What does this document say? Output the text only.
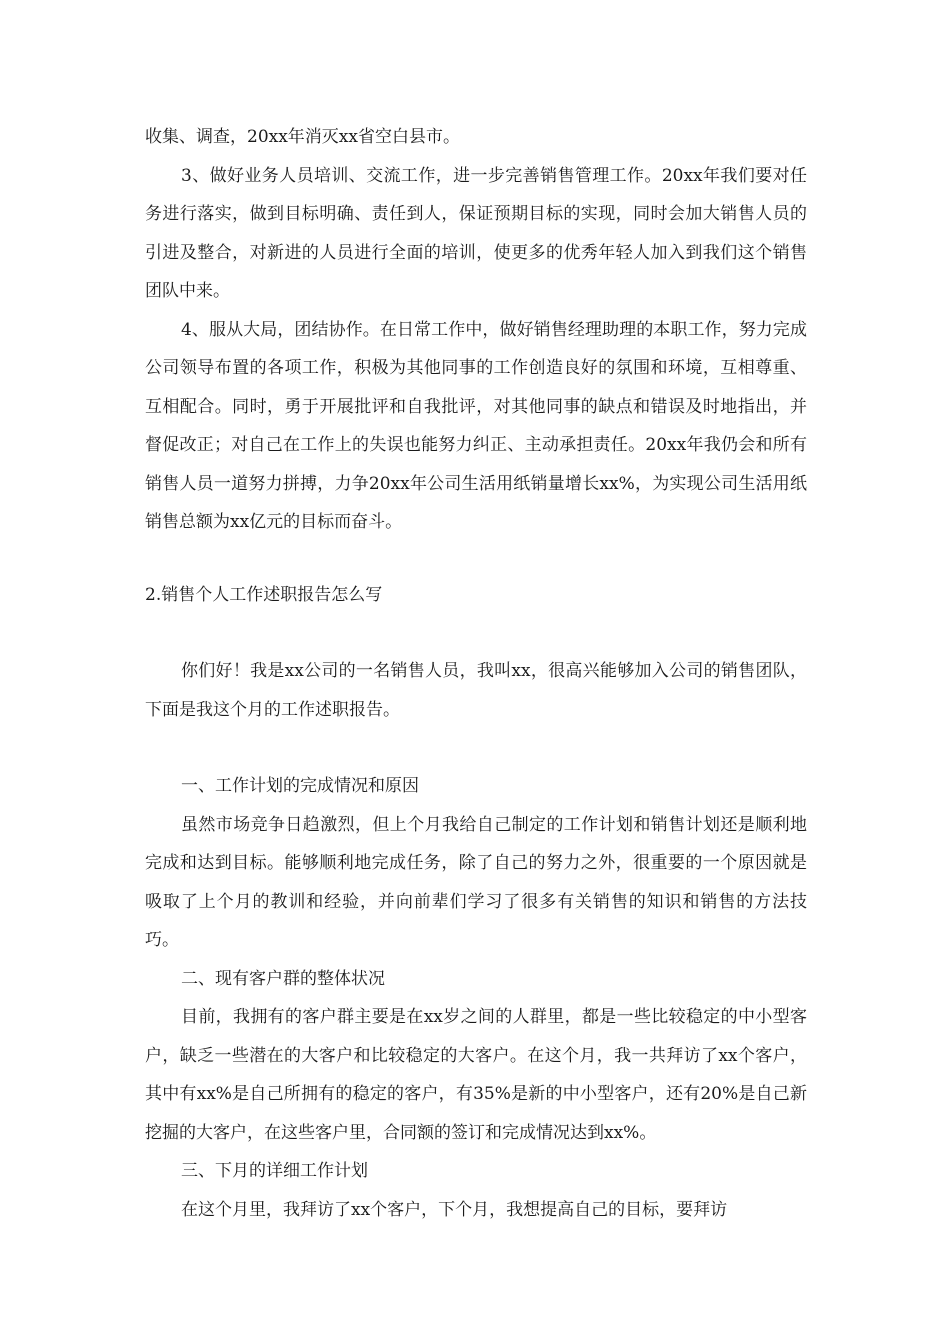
收集、调查，20xx年消灭xx省空白县市。

3、做好业务人员培训、交流工作，进一步完善销售管理工作。20xx年我们要对任务进行落实，做到目标明确、责任到人，保证预期目标的实现，同时会加大销售人员的引进及整合，对新进的人员进行全面的培训，使更多的优秀年轻人加入到我们这个销售团队中来。

4、服从大局，团结协作。在日常工作中，做好销售经理助理的本职工作，努力完成公司领导布置的各项工作，积极为其他同事的工作创造良好的氛围和环境，互相尊重、互相配合。同时，勇于开展批评和自我批评，对其他同事的缺点和错误及时地指出，并督促改正；对自己在工作上的失误也能努力纠正、主动承担责任。20xx年我仍会和所有销售人员一道努力拼搏，力争20xx年公司生活用纸销量增长xx%，为实现公司生活用纸销售总额为xx亿元的目标而奋斗。

2.销售个人工作述职报告怎么写

你们好！我是xx公司的一名销售人员，我叫xx，很高兴能够加入公司的销售团队，下面是我这个月的工作述职报告。

一、工作计划的完成情况和原因

虽然市场竞争日趋激烈，但上个月我给自己制定的工作计划和销售计划还是顺利地完成和达到目标。能够顺利地完成任务，除了自己的努力之外，很重要的一个原因就是吸取了上个月的教训和经验，并向前辈们学习了很多有关销售的知识和销售的方法技巧。

二、现有客户群的整体状况

目前，我拥有的客户群主要是在xx岁之间的人群里，都是一些比较稳定的中小型客户，缺乏一些潜在的大客户和比较稳定的大客户。在这个月，我一共拜访了xx个客户，其中有xx%是自己所拥有的稳定的客户，有35%是新的中小型客户，还有20%是自己新挖掘的大客户，在这些客户里，合同额的签订和完成情况达到xx%。

三、下月的详细工作计划

在这个月里，我拜访了xx个客户，下个月，我想提高自己的目标，要拜访
